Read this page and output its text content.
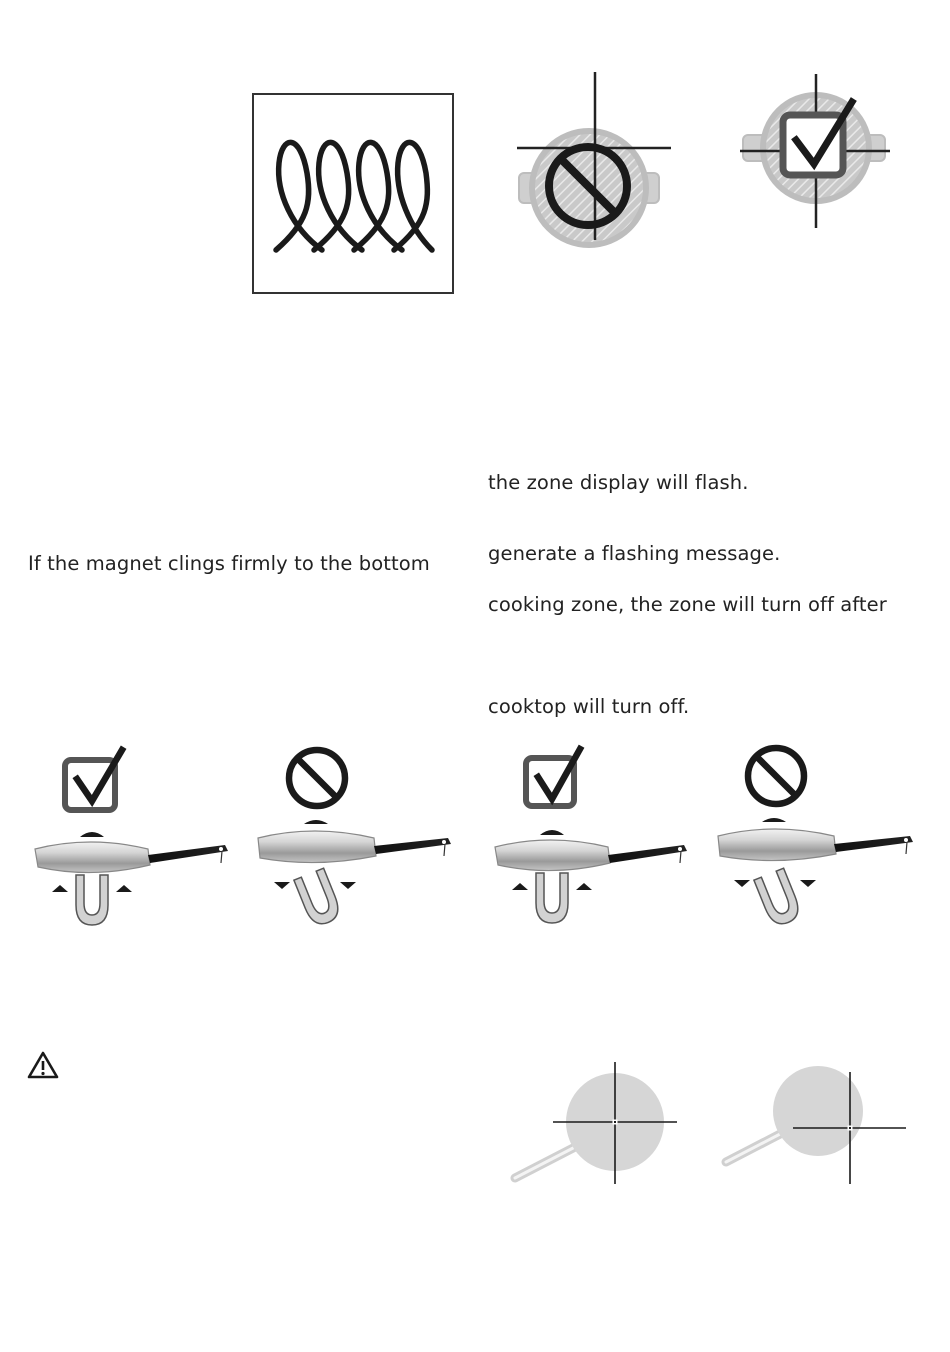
the zone display will flash.
If the magnet clings firmly to the bottom	generate a flashing message.
cooking zone, the zone will turn off after
cooktop will turn off.
